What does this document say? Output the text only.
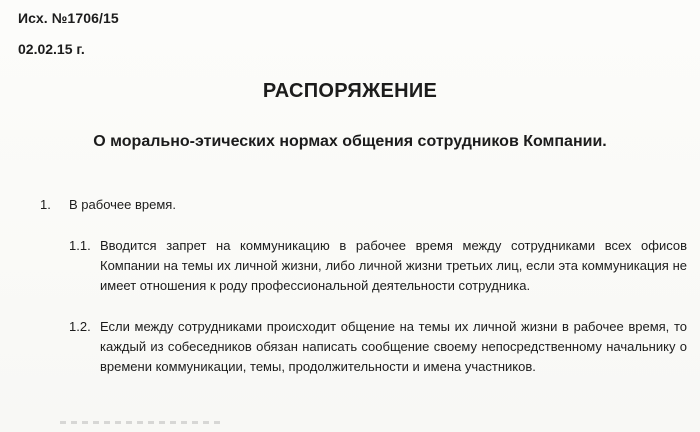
Исх. №1706/15
02.02.15 г.
РАСПОРЯЖЕНИЕ
О морально-этических нормах общения сотрудников Компании.
1.	В рабочее время.
1.1. Вводится запрет на коммуникацию в рабочее время между сотрудниками всех офисов Компании на темы их личной жизни, либо личной жизни третьих лиц, если эта коммуникация не имеет отношения к роду профессиональной деятельности сотрудника.
1.2. Если между сотрудниками происходит общение на темы их личной жизни в рабочее время, то каждый из собеседников обязан написать сообщение своему непосредственному начальнику о времени коммуникации, темы, продолжительности и имена участников.
